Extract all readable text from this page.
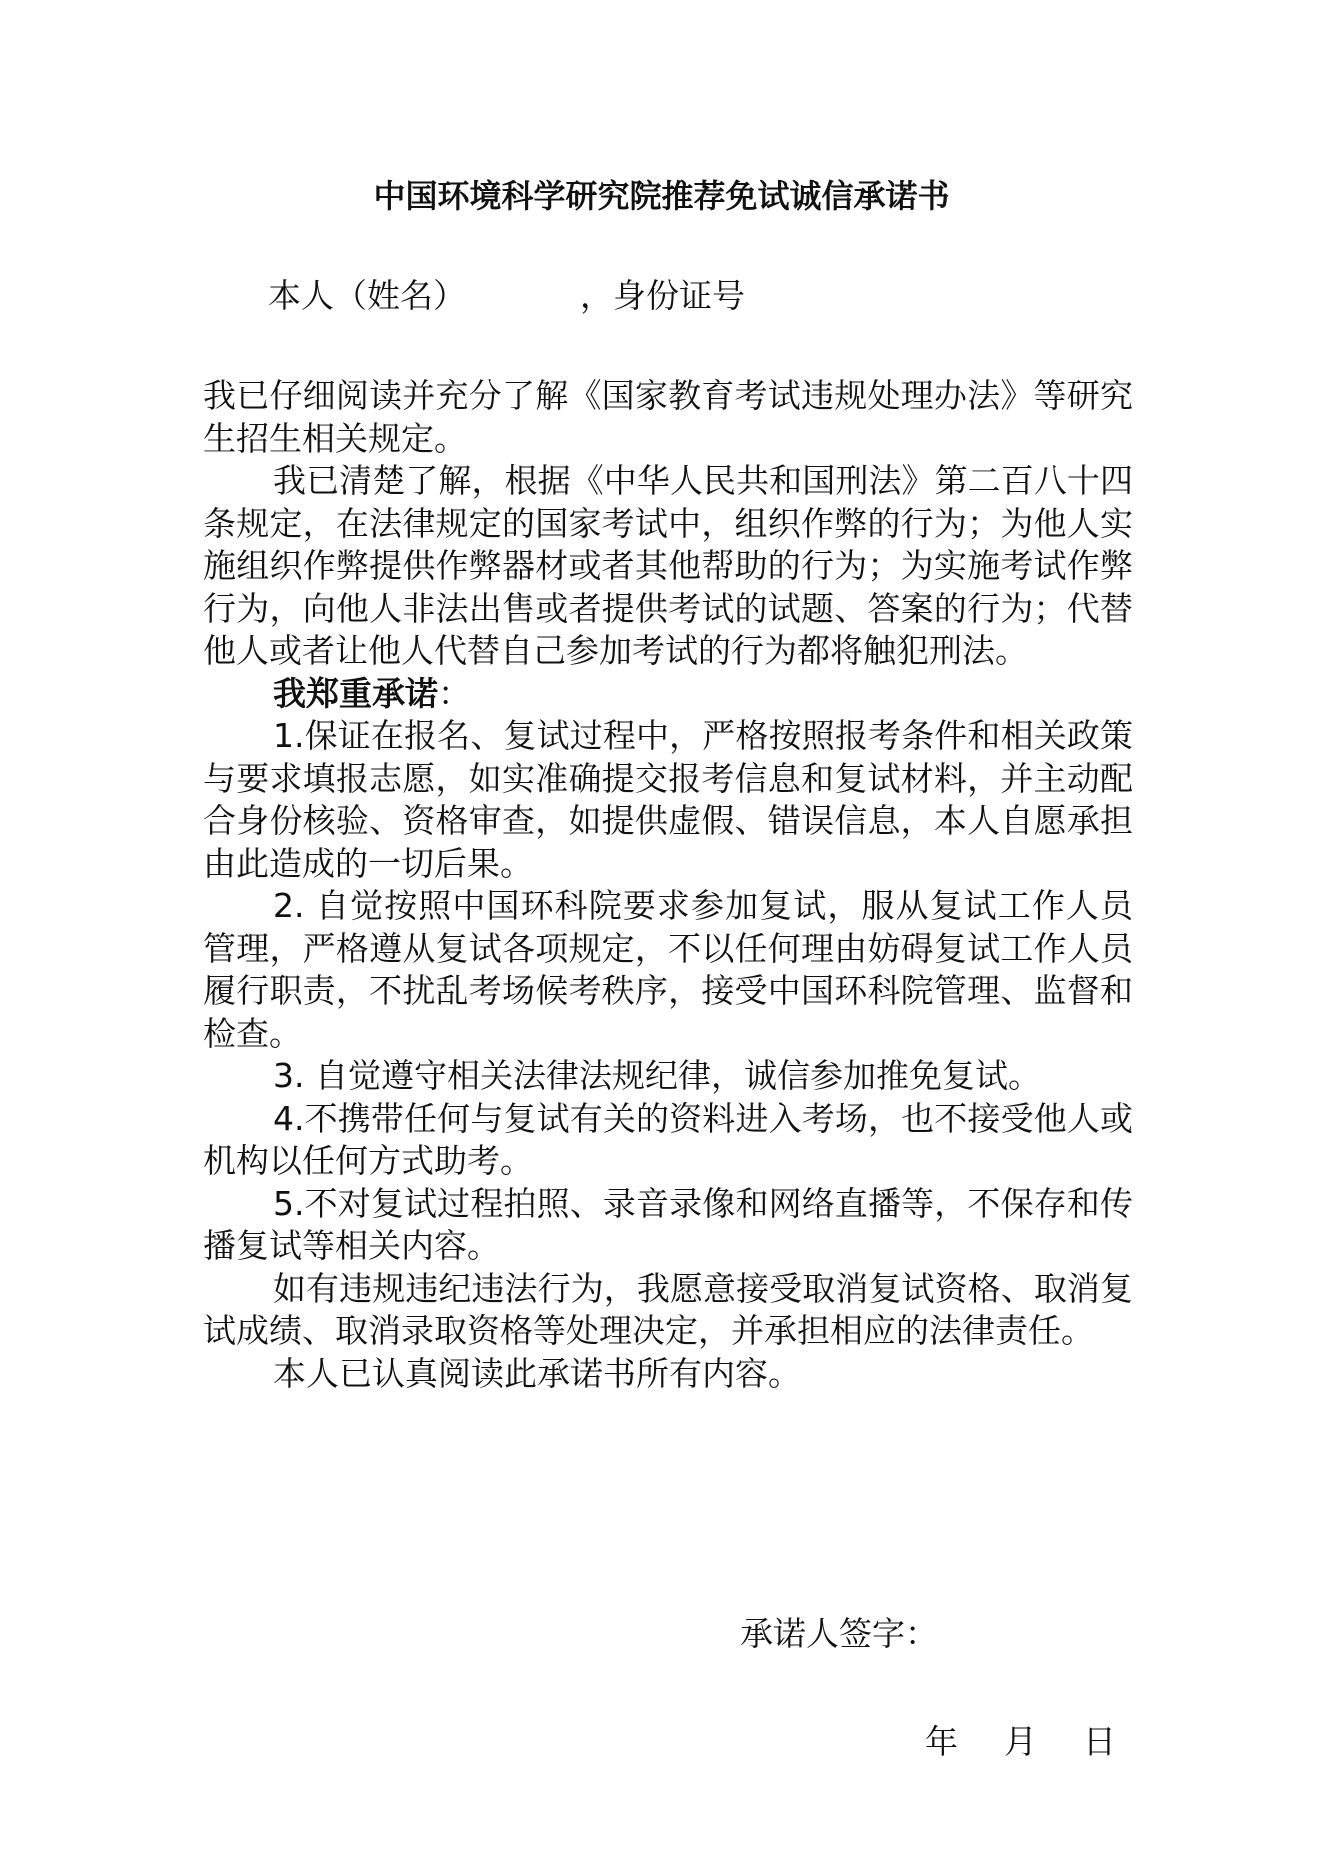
中国环境科学研究院推荐免试诚信承诺书
本人（姓名）	，身份证号

我已仔细阅读并充分了解《国家教育考试违规处理办法》等研究生招生相关规定。

我已清楚了解，根据《中华人民共和国刑法》第二百八十四条规定，在法律规定的国家考试中，组织作弊的行为；为他人实施组织作弊提供作弊器材或者其他帮助的行为；为实施考试作弊行为，向他人非法出售或者提供考试的试题、答案的行为；代替他人或者让他人代替自己参加考试的行为都将触犯刑法。

我郑重承诺：

1.保证在报名、复试过程中，严格按照报考条件和相关政策与要求填报志愿，如实准确提交报考信息和复试材料，并主动配合身份核验、资格审查，如提供虚假、错误信息，本人自愿承担由此造成的一切后果。

2. 自觉按照中国环科院要求参加复试，服从复试工作人员管理，严格遵从复试各项规定，不以任何理由妨碍复试工作人员履行职责，不扰乱考场候考秩序，接受中国环科院管理、监督和检查。

3. 自觉遵守相关法律法规纪律，诚信参加推免复试。

4.不携带任何与复试有关的资料进入考场，也不接受他人或机构以任何方式助考。

5.不对复试过程拍照、录音录像和网络直播等，不保存和传播复试等相关内容。

如有违规违纪违法行为，我愿意接受取消复试资格、取消复试成绩、取消录取资格等处理决定，并承担相应的法律责任。

本人已认真阅读此承诺书所有内容。

承诺人签字：
年 月 日
